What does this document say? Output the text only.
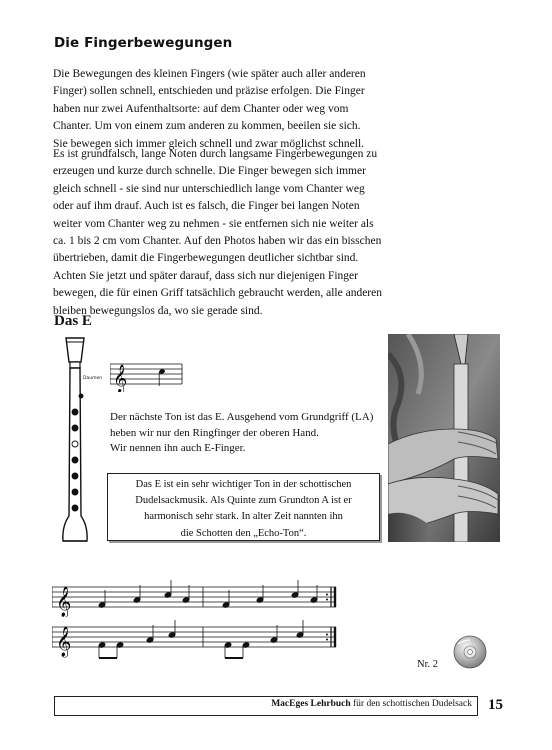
Die Fingerbewegungen
Die Bewegungen des kleinen Fingers (wie später auch aller anderen
Finger) sollen schnell, entschieden und präzise erfolgen. Die Finger
haben nur zwei Aufenthaltsorte: auf dem Chanter oder weg vom
Chanter. Um von einem zum anderen zu kommen, beeilen sie sich.
Sie bewegen sich immer gleich schnell und zwar möglichst schnell.
Es ist grundfalsch, lange Noten durch langsame Fingerbewegungen zu
erzeugen und kurze durch schnelle. Die Finger bewegen sich immer
gleich schnell - sie sind nur unterschiedlich lange vom Chanter weg
oder auf ihm drauf. Auch ist es falsch, die Finger bei langen Noten
weiter vom Chanter weg zu nehmen - sie entfernen sich nie weiter als
ca. 1 bis 2 cm vom Chanter. Auf den Photos haben wir das ein bisschen
übertrieben, damit die Fingerbewegungen deutlicher sichtbar sind.
Achten Sie jetzt und später darauf, dass sich nur diejenigen Finger
bewegen, die für einen Griff tatsächlich gebraucht werden, alle anderen
bleiben bewegungslos da, wo sie gerade sind.
Das E
Daumen 𝄞
Der nächste Ton ist das E. Ausgehend vom Grundgriff (LA)
heben wir nur den Ringfinger der oberen Hand.
Wir nennen ihn auch E-Finger.
Das E ist ein sehr wichtiger Ton in der schottischen
Dudelsackmusik. Als Quinte zum Grundton A ist er
harmonisch sehr stark. In alter Zeit nannten ihn
die Schotten den „Echo-Ton“.
𝄞
𝄞
Nr. 2
MacEges Lehrbuch für den schottischen Dudelsack 15
